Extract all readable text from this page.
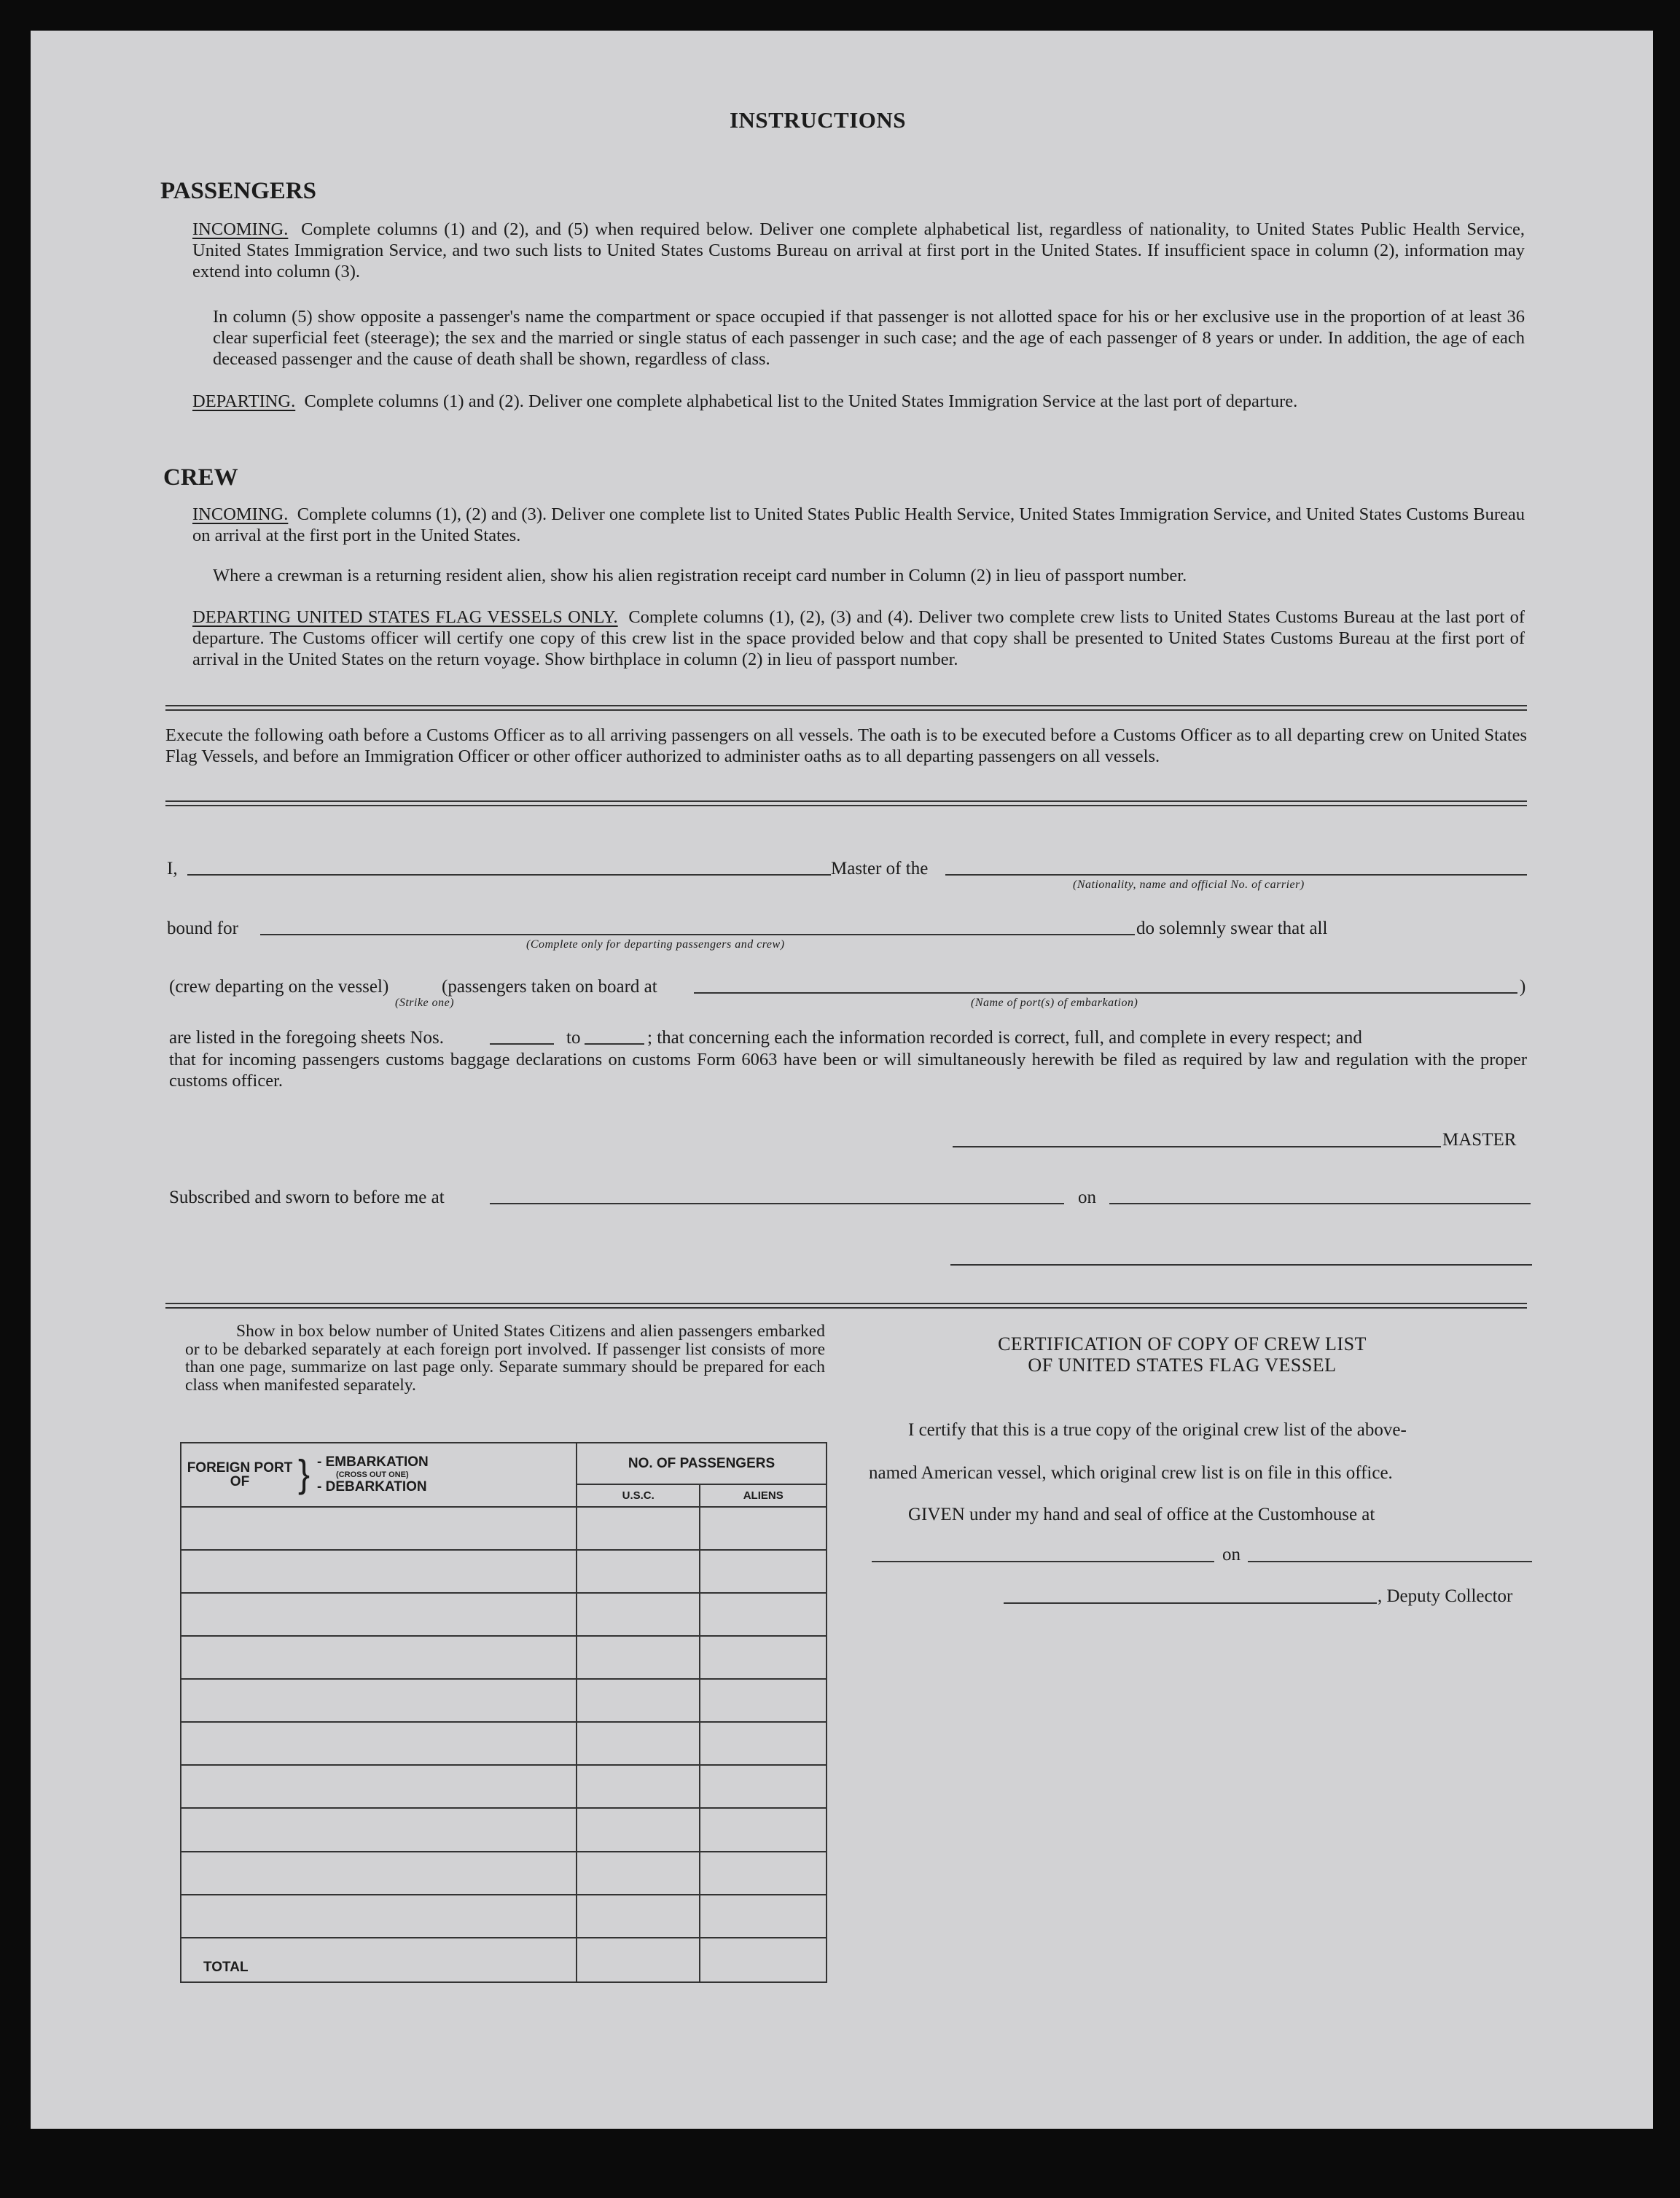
INSTRUCTIONS
PASSENGERS

INCOMING. Complete columns (1) and (2), and (5) when required below. Deliver one complete alphabetical list, regardless of nationality, to United States Public Health Service, United States Immigration Service, and two such lists to United States Customs Bureau on arrival at first port in the United States. If insufficient space in column (2), information may extend into column (3).

In column (5) show opposite a passenger's name the compartment or space occupied if that passenger is not allotted space for his or her exclusive use in the proportion of at least 36 clear superficial feet (steerage); the sex and the married or single status of each passenger in such case; and the age of each passenger of 8 years or under. In addition, the age of each deceased passenger and the cause of death shall be shown, regardless of class.

DEPARTING. Complete columns (1) and (2). Deliver one complete alphabetical list to the United States Immigration Service at the last port of departure.

CREW

INCOMING. Complete columns (1), (2) and (3). Deliver one complete list to United States Public Health Service, United States Immigration Service, and United States Customs Bureau on arrival at the first port in the United States.

Where a crewman is a returning resident alien, show his alien registration receipt card number in Column (2) in lieu of passport number.

DEPARTING UNITED STATES FLAG VESSELS ONLY. Complete columns (1), (2), (3) and (4). Deliver two complete crew lists to United States Customs Bureau at the last port of departure. The Customs officer will certify one copy of this crew list in the space provided below and that copy shall be presented to United States Customs Bureau at the first port of arrival in the United States on the return voyage. Show birthplace in column (2) in lieu of passport number.

Execute the following oath before a Customs Officer as to all arriving passengers on all vessels. The oath is to be executed before a Customs Officer as to all departing crew on United States Flag Vessels, and before an Immigration Officer or other officer authorized to administer oaths as to all departing passengers on all vessels.

I,	Master of the
(Nationality, name and official No. of carrier)
bound for
(Complete only for departing passengers and crew)
do solemnly swear that all
(crew departing on the vessel)	(passengers taken on board at	)
(Strike one)	(Name of port(s) of embarkation)
are listed in the foregoing sheets Nos.	to	; that concerning each the information recorded is correct, full, and complete in every respect; and

that for incoming passengers customs baggage declarations on customs Form 6063 have been or will simultaneously herewith be filed as required by law and regulation with the proper customs officer.

MASTER
Subscribed and sworn to before me at	on

Show in box below number of United States Citizens and alien passengers embarked or to be debarked separately at each foreign port involved. If passenger list consists of more than one page, summarize on last page only. Separate summary should be prepared for each class when manifested separately.

FOREIGN PORT OF } - EMBARKATION
(CROSS OUT ONE)
- DEBARKATION	NO. OF PASSENGERS	
	U.S.C.	ALIENS

TOTAL		
CERTIFICATION OF COPY OF CREW LIST
OF UNITED STATES FLAG VESSEL
I certify that this is a true copy of the original crew list of the above-
named American vessel, which original crew list is on file in this office.
GIVEN under my hand and seal of office at the Customhouse at
on
, Deputy Collector
